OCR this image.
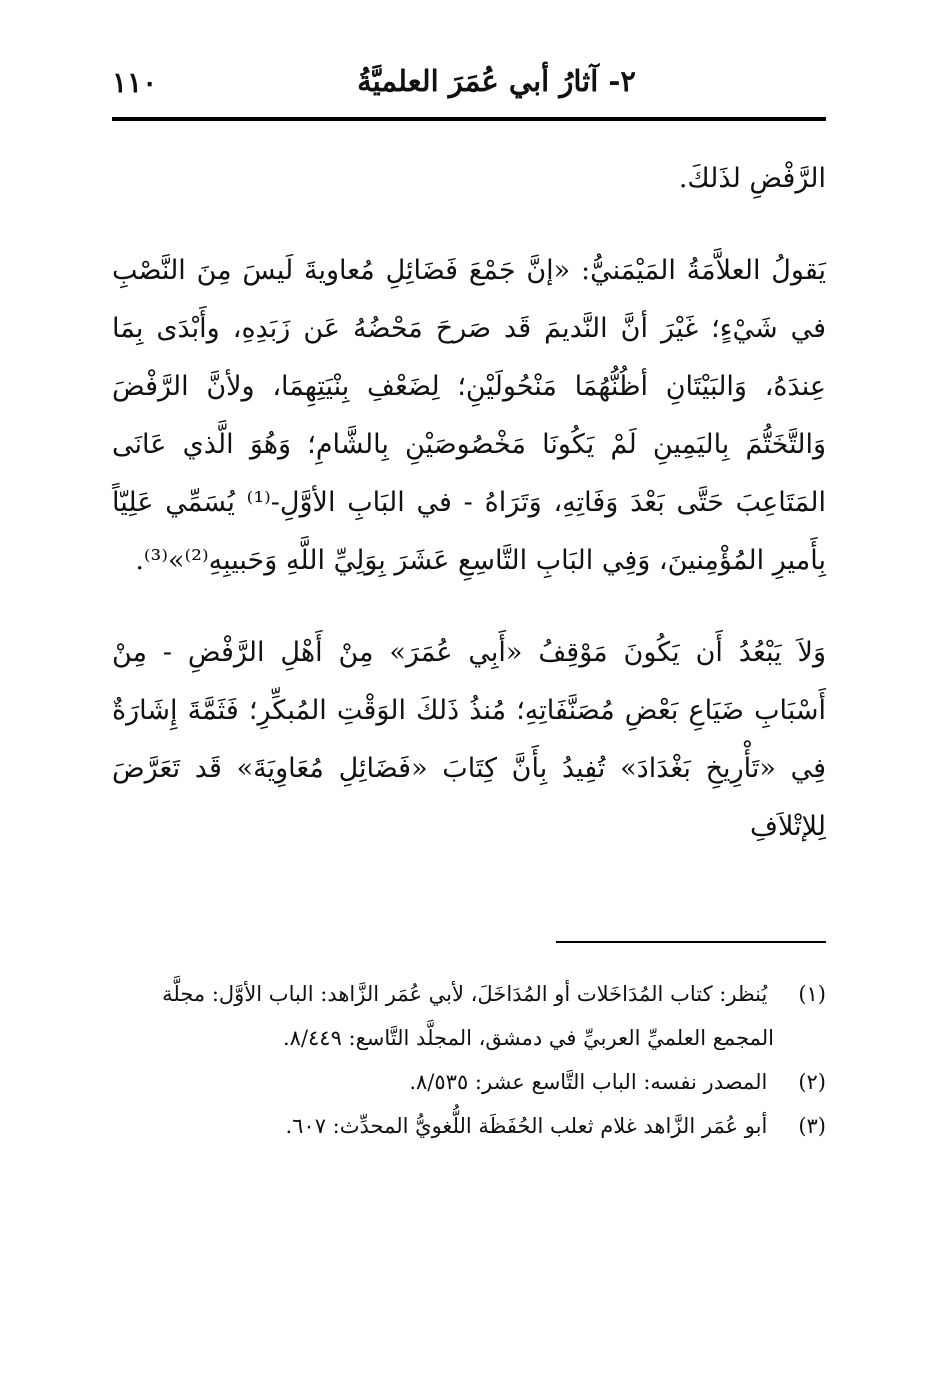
٢- آثارُ أبي عُمَرَ العلميَّةُ
١١٠

الرَّفْضِ لذَلكَ.

يَقولُ العلاَّمَةُ المَيْمَنيُّ: «إنَّ جَمْعَ فَضَائِلِ مُعاويةَ لَيسَ مِنَ النَّصْبِ في شَيْءٍ؛ غَيْرَ أنَّ النَّديمَ قَد صَرحَ مَحْضُهُ عَن زَبَدِهِ، وأَبْدَى بِمَا عِندَهُ، وَالبَيْتَانِ أظُنُّهُمَا مَنْحُولَيْنِ؛ لِضَعْفِ بِنْيَتِهِمَا، ولأنَّ الرَّفْضَ وَالتَّخَتُّمَ بِاليَمِينِ لَمْ يَكُونَا مَخْصُوصَيْنِ بِالشَّامِ؛ وَهُوَ الَّذي عَانَى المَتَاعِبَ حَتَّى بَعْدَ وَفَاتِهِ، وَتَرَاهُ - في البَابِ الأوَّلِ-⁽¹⁾ يُسَمِّي عَلِيّاً بِأَميرِ المُؤْمِنينَ، وَفِي البَابِ التَّاسِعِ عَشَرَ بِوَلِيِّ اللَّهِ وَحَبيبِهِ⁽²⁾»⁽³⁾.

وَلاَ يَبْعُدُ أَن يَكُونَ مَوْقِفُ «أَبِي عُمَرَ» مِنْ أَهْلِ الرَّفْضِ - مِنْ أَسْبَابِ ضَيَاعِ بَعْضِ مُصَنَّفَاتِهِ؛ مُنذُ ذَلكَ الوَقْتِ المُبكِّرِ؛ فَثَمَّةَ إِشَارَةٌ فِي «تَأْرِيخِ بَغْدَادَ» تُفِيدُ بِأَنَّ كِتَابَ «فَضَائِلِ مُعَاوِيَةَ» قَد تَعَرَّضَ لِلإتْلاَفِ

(١) يُنظر: كتاب المُدَاخَلات أو المُدَاخَلَ، لأبي عُمَر الزَّاهد: الباب الأوَّل: مجلَّة

المجمع العلميِّ العربيِّ في دمشق، المجلَّد التَّاسع: ٨/٤٤٩.

(٢) المصدر نفسه: الباب التَّاسع عشر: ٨/٥٣٥.

(٣) أبو عُمَر الزَّاهد غلام ثعلب الحُفَظَة اللُّغويُّ المحدِّث: ٦٠٧.
